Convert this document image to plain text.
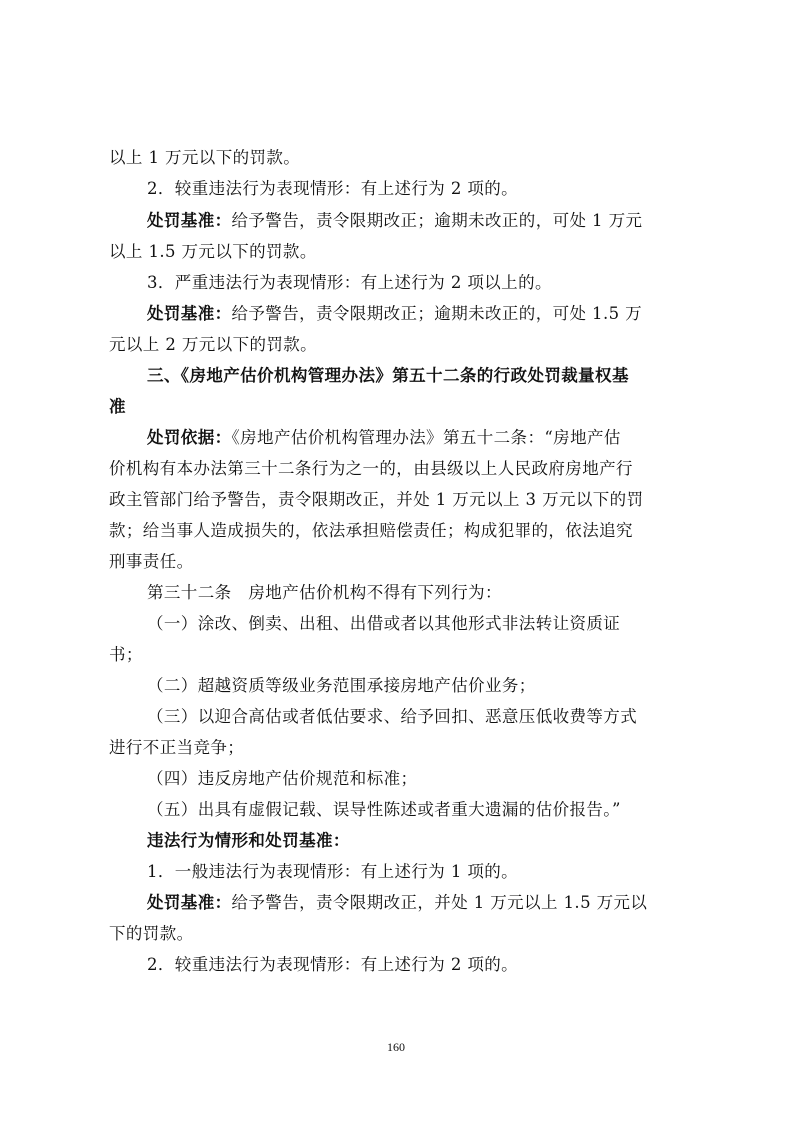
以上 1 万元以下的罚款。
2．较重违法行为表现情形：有上述行为 2 项的。
处罚基准：给予警告，责令限期改正；逾期未改正的，可处 1 万元
以上 1.5 万元以下的罚款。
3．严重违法行为表现情形：有上述行为 2 项以上的。
处罚基准：给予警告，责令限期改正；逾期未改正的，可处 1.5 万
元以上 2 万元以下的罚款。
三、《房地产估价机构管理办法》第五十二条的行政处罚裁量权基
准
处罚依据：《房地产估价机构管理办法》第五十二条：“房地产估
价机构有本办法第三十二条行为之一的，由县级以上人民政府房地产行
政主管部门给予警告，责令限期改正，并处 1 万元以上 3 万元以下的罚
款；给当事人造成损失的，依法承担赔偿责任；构成犯罪的，依法追究
刑事责任。
第三十二条　房地产估价机构不得有下列行为：
（一）涂改、倒卖、出租、出借或者以其他形式非法转让资质证
书；
（二）超越资质等级业务范围承接房地产估价业务；
（三）以迎合高估或者低估要求、给予回扣、恶意压低收费等方式
进行不正当竞争；
（四）违反房地产估价规范和标准；
（五）出具有虚假记载、误导性陈述或者重大遗漏的估价报告。”
违法行为情形和处罚基准：
1．一般违法行为表现情形：有上述行为 1 项的。
处罚基准：给予警告，责令限期改正，并处 1 万元以上 1.5 万元以
下的罚款。
2．较重违法行为表现情形：有上述行为 2 项的。
160
